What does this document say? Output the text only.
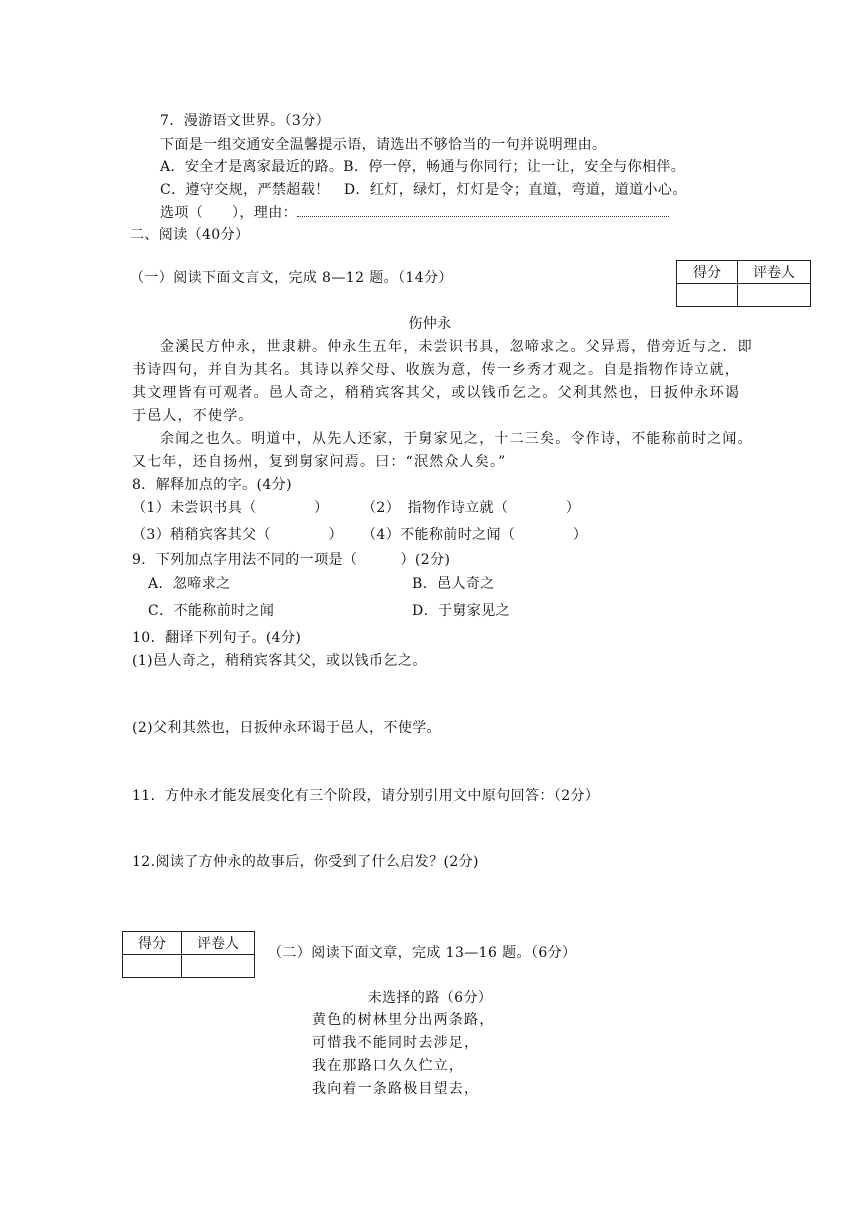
7．漫游语文世界。（3分）
下面是一组交通安全温馨提示语，请选出不够恰当的一句并说明理由。
A．安全才是离家最近的路。B．停一停，畅通与你同行；让一让，安全与你相伴。
C．遵守交规，严禁超载！　D．红灯，绿灯，灯灯是令；直道，弯道，道道小心。
选项（　　），理由：
二、阅读（40分）
（一）阅读下面文言文，完成 8—12 题。（14分）	得分	评卷人

伤仲永
金溪民方仲永，世隶耕。仲永生五年，未尝识书具，忽啼求之。父异焉，借旁近与之．即
书诗四句，并自为其名。其诗以养父母、收族为意，传一乡秀才观之。自是指物作诗立就，
其文理皆有可观者。邑人奇之，稍稍宾客其父，或以钱币乞之。父利其然也，日扳仲永环谒
于邑人，不使学。
余闻之也久。明道中，从先人还家，于舅家见之，十二三矣。令作诗，不能称前时之闻。
又七年，还自扬州，复到舅家问焉。曰：“泯然众人矣。”
8．解释加点的字。(4分)
（1）未尝识书具（　　　　） （2）　指物作诗立就（　　　　）
（3）稍稍宾客其父（　　　　） （4）不能称前时之闻（　　　　）
9．下列加点字用法不同的一项是（　　　）(2分)
A．忽啼求之	B．邑人奇之
C．不能称前时之闻	D．于舅家见之
10．翻译下列句子。(4分)
(1)邑人奇之，稍稍宾客其父，或以钱币乞之。
(2)父利其然也，日扳仲永环谒于邑人，不使学。
11．方仲永才能发展变化有三个阶段，请分别引用文中原句回答：（2分）
12.阅读了方仲永的故事后，你受到了什么启发？(2分)
得分	评卷人

（二）阅读下面文章，完成 13—16 题。（6分）
未选择的路（6分）
黄色的树林里分出两条路，
可惜我不能同时去涉足，
我在那路口久久伫立，
我向着一条路极目望去，
